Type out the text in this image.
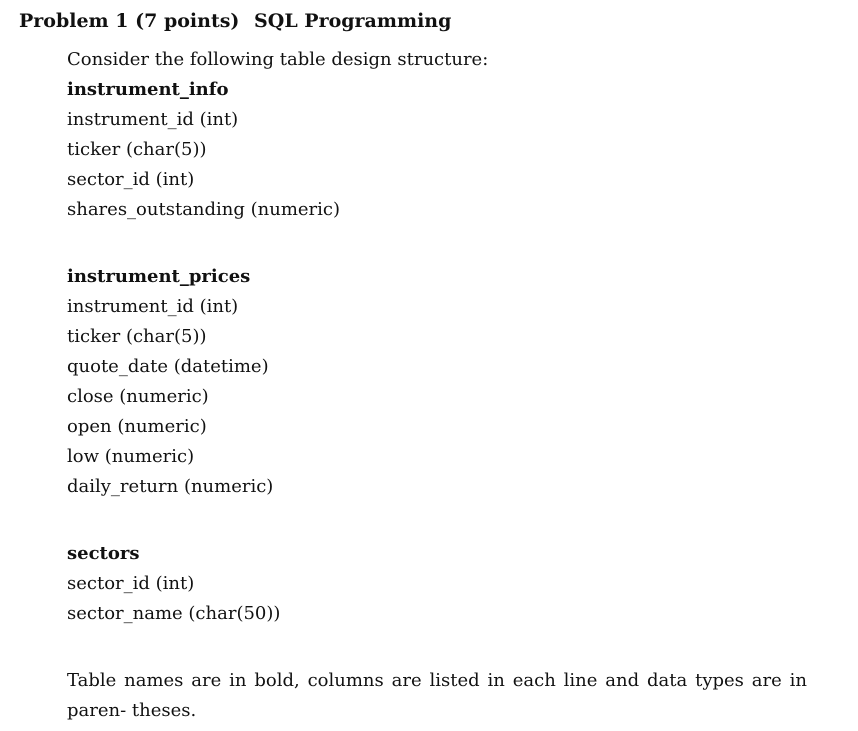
Problem 1 (7 points) SQL Programming
Consider the following table design structure:
instrument_info
instrument_id (int)
ticker (char(5))
sector_id (int)
shares_outstanding (numeric)
instrument_prices
instrument_id (int)
ticker (char(5))
quote_date (datetime)
close (numeric)
open (numeric)
low (numeric)
daily_return (numeric)
sectors
sector_id (int)
sector_name (char(50))
Table names are in bold, columns are listed in each line and data types are in paren- theses.
